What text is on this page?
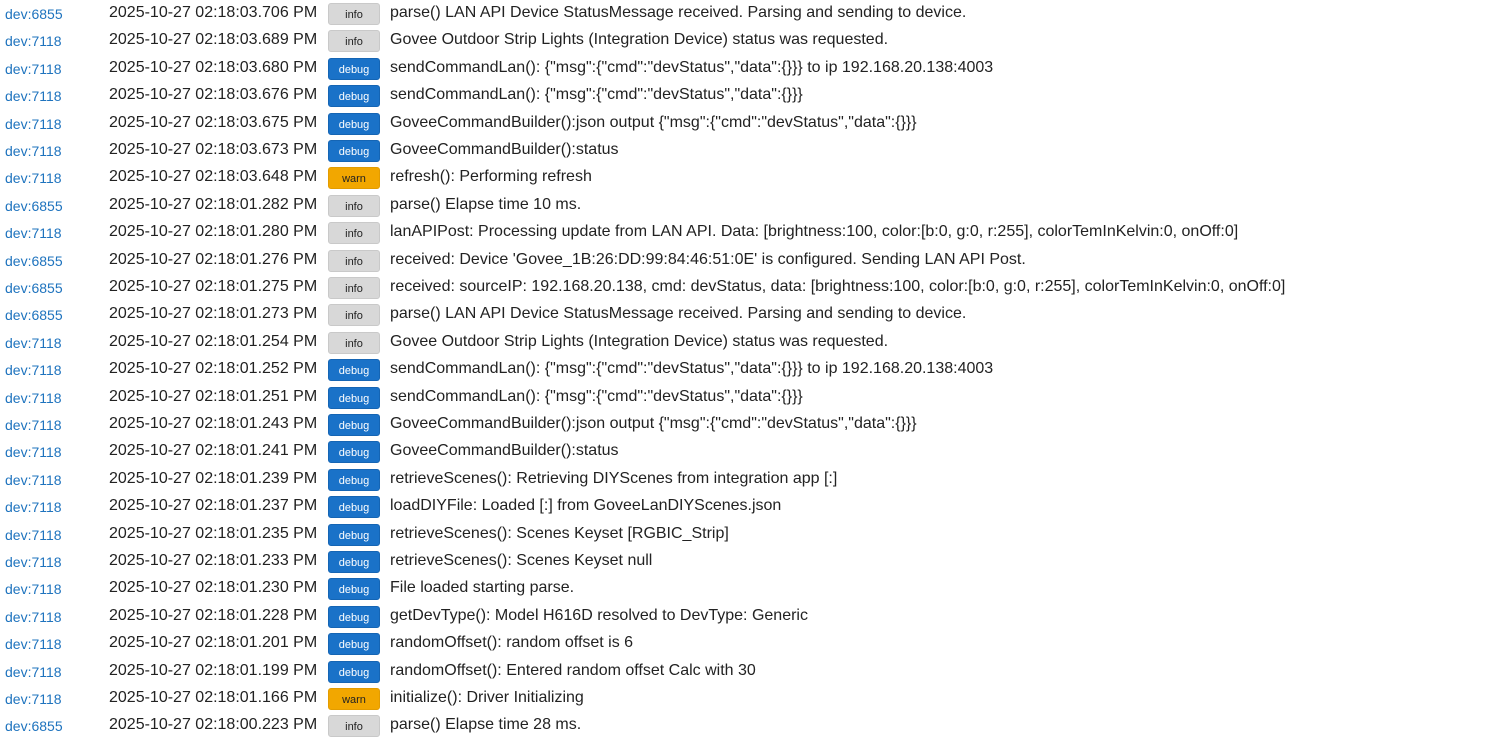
dev:6855	2025-10-27 02:18:03.706 PM	info	parse() LAN API Device StatusMessage received. Parsing and sending to device.
dev:7118	2025-10-27 02:18:03.689 PM	info	Govee Outdoor Strip Lights (Integration Device) status was requested.
dev:7118	2025-10-27 02:18:03.680 PM	debug	sendCommandLan(): {"msg":{"cmd":"devStatus","data":{}}} to ip 192.168.20.138:4003
dev:7118	2025-10-27 02:18:03.676 PM	debug	sendCommandLan(): {"msg":{"cmd":"devStatus","data":{}}}
dev:7118	2025-10-27 02:18:03.675 PM	debug	GoveeCommandBuilder():json output {"msg":{"cmd":"devStatus","data":{}}}
dev:7118	2025-10-27 02:18:03.673 PM	debug	GoveeCommandBuilder():status
dev:7118	2025-10-27 02:18:03.648 PM	warn	refresh(): Performing refresh
dev:6855	2025-10-27 02:18:01.282 PM	info	parse() Elapse time 10 ms.
dev:7118	2025-10-27 02:18:01.280 PM	info	lanAPIPost: Processing update from LAN API. Data: [brightness:100, color:[b:0, g:0, r:255], colorTemInKelvin:0, onOff:0]
dev:6855	2025-10-27 02:18:01.276 PM	info	received: Device 'Govee_1B:26:DD:99:84:46:51:0E' is configured. Sending LAN API Post.
dev:6855	2025-10-27 02:18:01.275 PM	info	received: sourceIP: 192.168.20.138, cmd: devStatus, data: [brightness:100, color:[b:0, g:0, r:255], colorTemInKelvin:0, onOff:0]
dev:6855	2025-10-27 02:18:01.273 PM	info	parse() LAN API Device StatusMessage received. Parsing and sending to device.
dev:7118	2025-10-27 02:18:01.254 PM	info	Govee Outdoor Strip Lights (Integration Device) status was requested.
dev:7118	2025-10-27 02:18:01.252 PM	debug	sendCommandLan(): {"msg":{"cmd":"devStatus","data":{}}} to ip 192.168.20.138:4003
dev:7118	2025-10-27 02:18:01.251 PM	debug	sendCommandLan(): {"msg":{"cmd":"devStatus","data":{}}}
dev:7118	2025-10-27 02:18:01.243 PM	debug	GoveeCommandBuilder():json output {"msg":{"cmd":"devStatus","data":{}}}
dev:7118	2025-10-27 02:18:01.241 PM	debug	GoveeCommandBuilder():status
dev:7118	2025-10-27 02:18:01.239 PM	debug	retrieveScenes(): Retrieving DIYScenes from integration app [:]
dev:7118	2025-10-27 02:18:01.237 PM	debug	loadDIYFile: Loaded [:] from GoveeLanDIYScenes.json
dev:7118	2025-10-27 02:18:01.235 PM	debug	retrieveScenes(): Scenes Keyset [RGBIC_Strip]
dev:7118	2025-10-27 02:18:01.233 PM	debug	retrieveScenes(): Scenes Keyset null
dev:7118	2025-10-27 02:18:01.230 PM	debug	File loaded starting parse.
dev:7118	2025-10-27 02:18:01.228 PM	debug	getDevType(): Model H616D resolved to DevType: Generic
dev:7118	2025-10-27 02:18:01.201 PM	debug	randomOffset(): random offset is 6
dev:7118	2025-10-27 02:18:01.199 PM	debug	randomOffset(): Entered random offset Calc with 30
dev:7118	2025-10-27 02:18:01.166 PM	warn	initialize(): Driver Initializing
dev:6855	2025-10-27 02:18:00.223 PM	info	parse() Elapse time 28 ms.
